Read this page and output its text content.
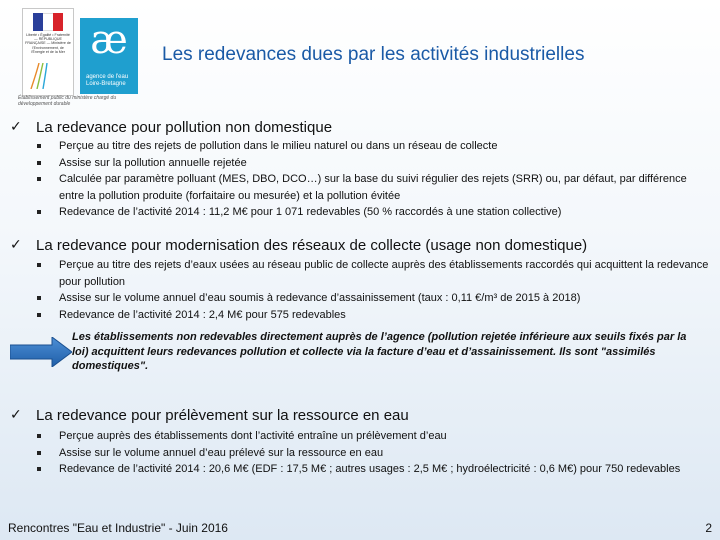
Liberté • Égalité • Fraternité — RÉPUBLIQUE FRANÇAISE — Ministère de l'Environnement, de l'Énergie et de la Mer æ
agence de l'eau Loire-Bretagne
Établissement public du ministère chargé du développement durable
Les redevances dues par les activités industrielles
✓ La redevance pour pollution non domestique
Perçue au titre des rejets de pollution dans le milieu naturel ou dans un réseau de collecte
Assise sur la pollution annuelle rejetée
Calculée par paramètre polluant (MES, DBO, DCO…) sur la base du suivi régulier des rejets (SRR) ou, par défaut, par différence entre la pollution produite (forfaitaire ou mesurée) et la pollution évitée
Redevance de l’activité 2014 : 11,2 M€ pour 1 071 redevables (50 % raccordés à une station collective)
✓ La redevance pour modernisation des réseaux de collecte (usage non domestique)
Perçue au titre des rejets d’eaux usées au réseau public de collecte auprès des établissements raccordés qui acquittent la redevance pour pollution
Assise sur le volume annuel d’eau soumis à redevance d’assainissement (taux : 0,11 €/m³ de 2015 à 2018)
Redevance de l’activité 2014 : 2,4 M€ pour 575 redevables
Les établissements non redevables directement auprès de l’agence (pollution rejetée inférieure aux seuils fixés par la loi) acquittent leurs redevances pollution et collecte via la facture d’eau et d’assainissement. Ils sont "assimilés domestiques".
✓ La redevance pour prélèvement sur la ressource en eau
Perçue auprès des établissements dont l’activité entraîne un prélèvement d’eau
Assise sur le volume annuel d’eau prélevé sur la ressource en eau
Redevance de l’activité 2014 : 20,6 M€ (EDF : 17,5 M€ ; autres usages : 2,5 M€ ; hydroélectricité : 0,6 M€) pour 750 redevables
Rencontres "Eau et Industrie" - Juin 2016	2
